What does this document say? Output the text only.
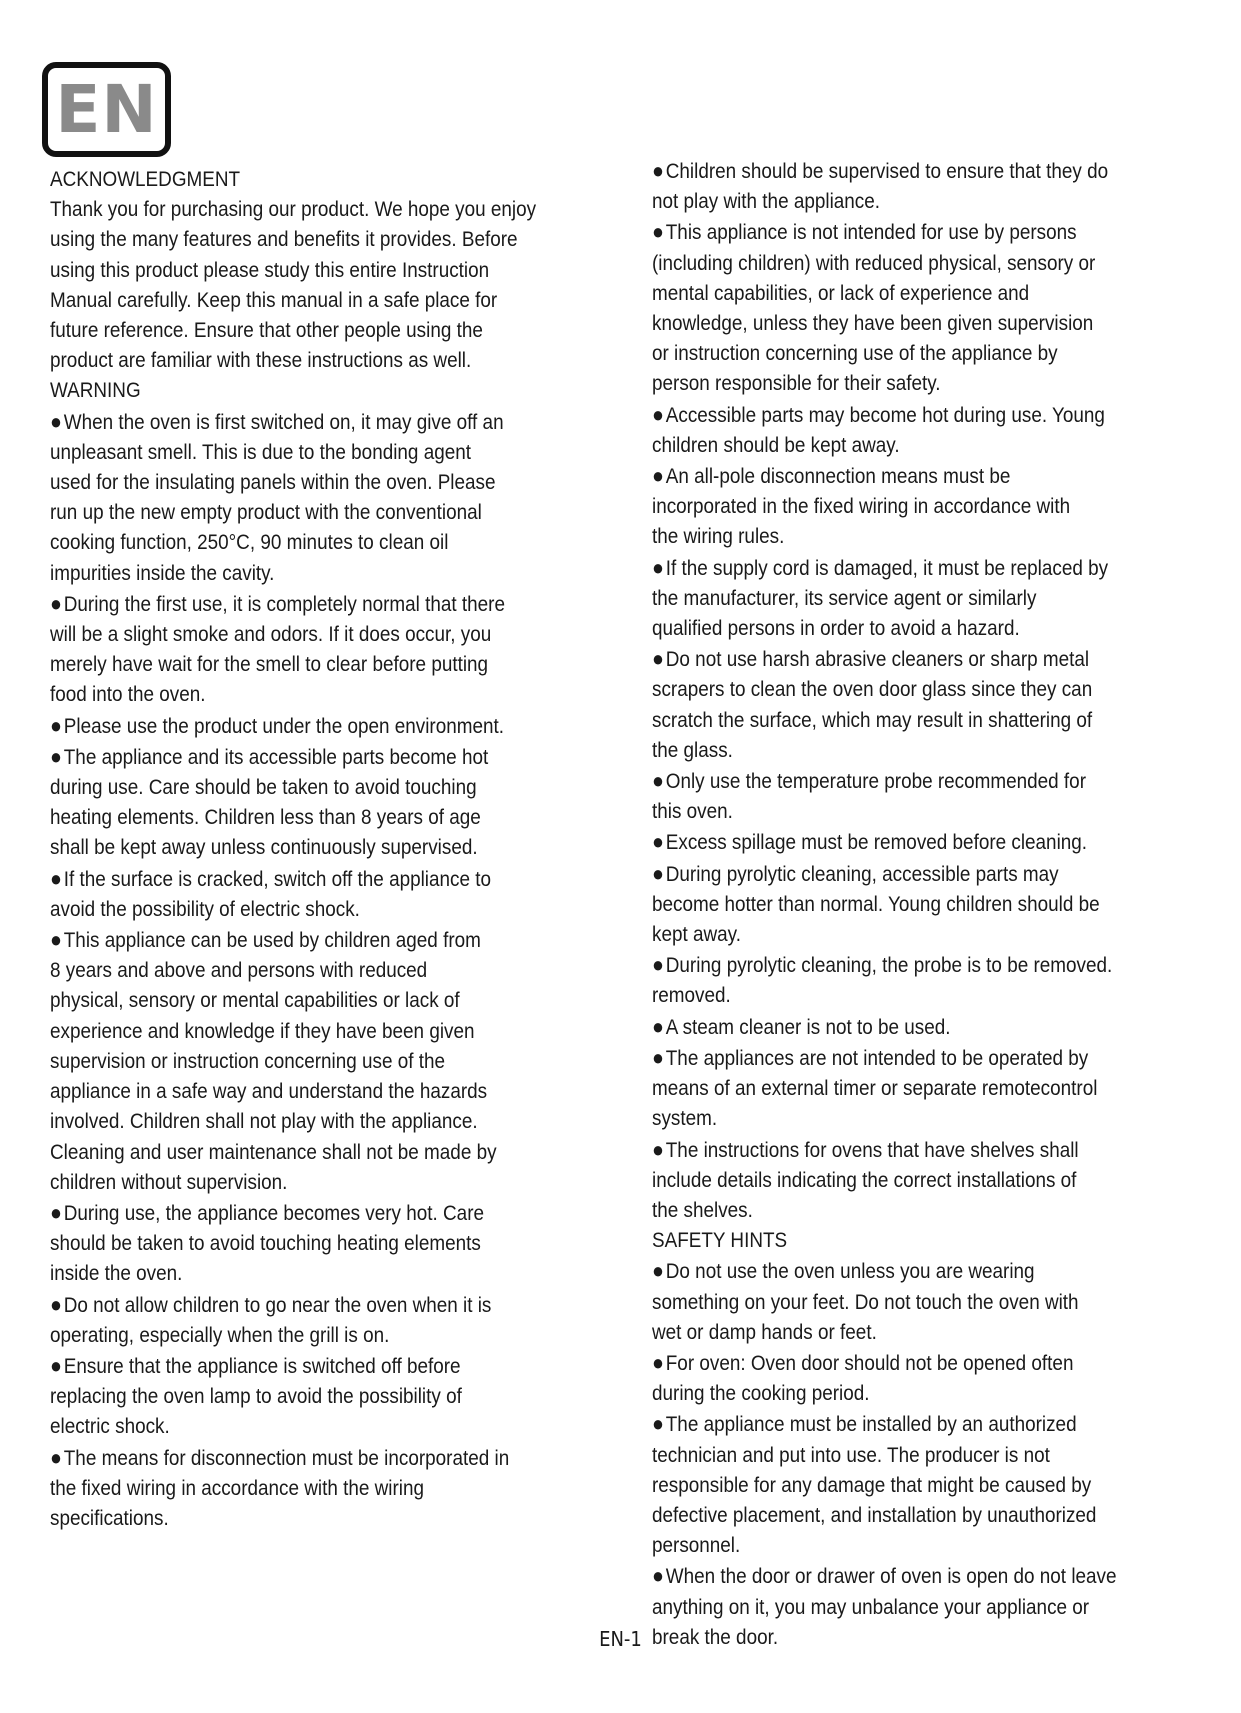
EN

ACKNOWLEDGMENT

Thank you for purchasing our product. We hope you enjoy
using the many features and benefits it provides. Before
using this product please study this entire Instruction
Manual carefully. Keep this manual in a safe place for
future reference. Ensure that other people using the
product are familiar with these instructions as well.

WARNING

●When the oven is first switched on, it may give off an
unpleasant smell. This is due to the bonding agent
used for the insulating panels within the oven. Please
run up the new empty product with the conventional
cooking function, 250°C, 90 minutes to clean oil
impurities inside the cavity.

●During the first use, it is completely normal that there
will be a slight smoke and odors. If it does occur, you
merely have wait for the smell to clear before putting
food into the oven.

●Please use the product under the open environment.

●The appliance and its accessible parts become hot
during use. Care should be taken to avoid touching
heating elements. Children less than 8 years of age
shall be kept away unless continuously supervised.

●If the surface is cracked, switch off the appliance to
avoid the possibility of electric shock.

●This appliance can be used by children aged from
8 years and above and persons with reduced
physical, sensory or mental capabilities or lack of
experience and knowledge if they have been given
supervision or instruction concerning use of the
appliance in a safe way and understand the hazards
involved. Children shall not play with the appliance.
Cleaning and user maintenance shall not be made by
children without supervision.

●During use, the appliance becomes very hot. Care
should be taken to avoid touching heating elements
inside the oven.

●Do not allow children to go near the oven when it is
operating, especially when the grill is on.

●Ensure that the appliance is switched off before
replacing the oven lamp to avoid the possibility of
electric shock.

●The means for disconnection must be incorporated in
the fixed wiring in accordance with the wiring
specifications.

●Children should be supervised to ensure that they do
not play with the appliance.

●This appliance is not intended for use by persons
(including children) with reduced physical, sensory or
mental capabilities, or lack of experience and
knowledge, unless they have been given supervision
or instruction concerning use of the appliance by
person responsible for their safety.

●Accessible parts may become hot during use. Young
children should be kept away.

●An all-pole disconnection means must be
incorporated in the fixed wiring in accordance with
the wiring rules.

●If the supply cord is damaged, it must be replaced by
the manufacturer, its service agent or similarly
qualified persons in order to avoid a hazard.

●Do not use harsh abrasive cleaners or sharp metal
scrapers to clean the oven door glass since they can
scratch the surface, which may result in shattering of
the glass.

●Only use the temperature probe recommended for
this oven.

●Excess spillage must be removed before cleaning.

●During pyrolytic cleaning, accessible parts may
become hotter than normal. Young children should be
kept away.

●During pyrolytic cleaning, the probe is to be removed.
removed.

●A steam cleaner is not to be used.

●The appliances are not intended to be operated by
means of an external timer or separate remotecontrol
system.

●The instructions for ovens that have shelves shall
include details indicating the correct installations of
the shelves.

SAFETY HINTS

●Do not use the oven unless you are wearing
something on your feet. Do not touch the oven with
wet or damp hands or feet.

●For oven: Oven door should not be opened often
during the cooking period.

●The appliance must be installed by an authorized
technician and put into use. The producer is not
responsible for any damage that might be caused by
defective placement, and installation by unauthorized
personnel.

●When the door or drawer of oven is open do not leave
anything on it, you may unbalance your appliance or
break the door.

EN-1
